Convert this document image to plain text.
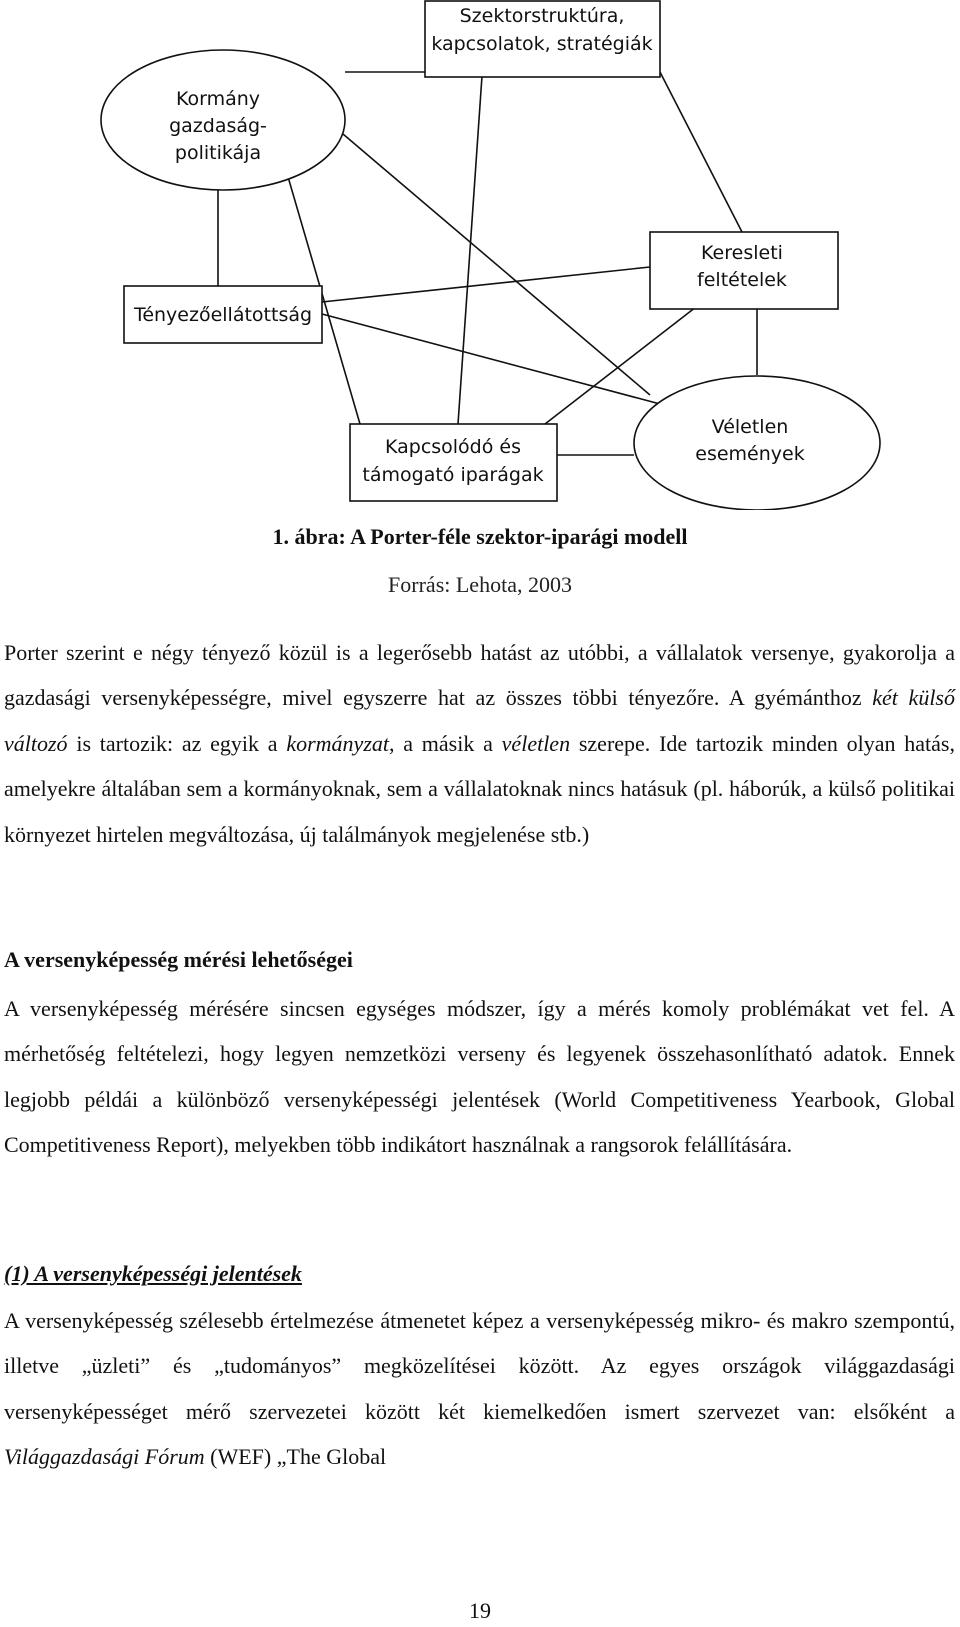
Szektorstruktúra,
kapcsolatok, stratégiák
Kormány
gazdaság-
politikája
Keresleti
feltételek
Tényezőellátottság
Kapcsolódó és
támogató iparágak
Véletlen
események
1. ábra: A Porter-féle szektor-iparági modell
Forrás: Lehota, 2003

Porter szerint e négy tényező közül is a legerősebb hatást az utóbbi, a vállalatok versenye, gyakorolja a gazdasági versenyképességre, mivel egyszerre hat az összes többi tényezőre. A gyémánthoz két külső változó is tartozik: az egyik a kormányzat, a másik a véletlen szerepe. Ide tartozik minden olyan hatás, amelyekre általában sem a kormányoknak, sem a vállalatoknak nincs hatásuk (pl. háborúk, a külső politikai környezet hirtelen megváltozása, új találmányok megjelenése stb.)

A versenyképesség mérési lehetőségei

A versenyképesség mérésére sincsen egységes módszer, így a mérés komoly problémákat vet fel. A mérhetőség feltételezi, hogy legyen nemzetközi verseny és legyenek összehasonlítható adatok. Ennek legjobb példái a különböző versenyképességi jelentések (World Competitiveness Yearbook, Global Competitiveness Report), melyekben több indikátort használnak a rangsorok felállítására.

(1) A versenyképességi jelentések

A versenyképesség szélesebb értelmezése átmenetet képez a versenyképesség mikro- és makro szempontú, illetve „üzleti” és „tudományos” megközelítései között. Az egyes országok világgazdasági versenyképességet mérő szervezetei között két kiemelkedően ismert szervezet van: elsőként a Világgazdasági Fórum (WEF) „The Global

19
